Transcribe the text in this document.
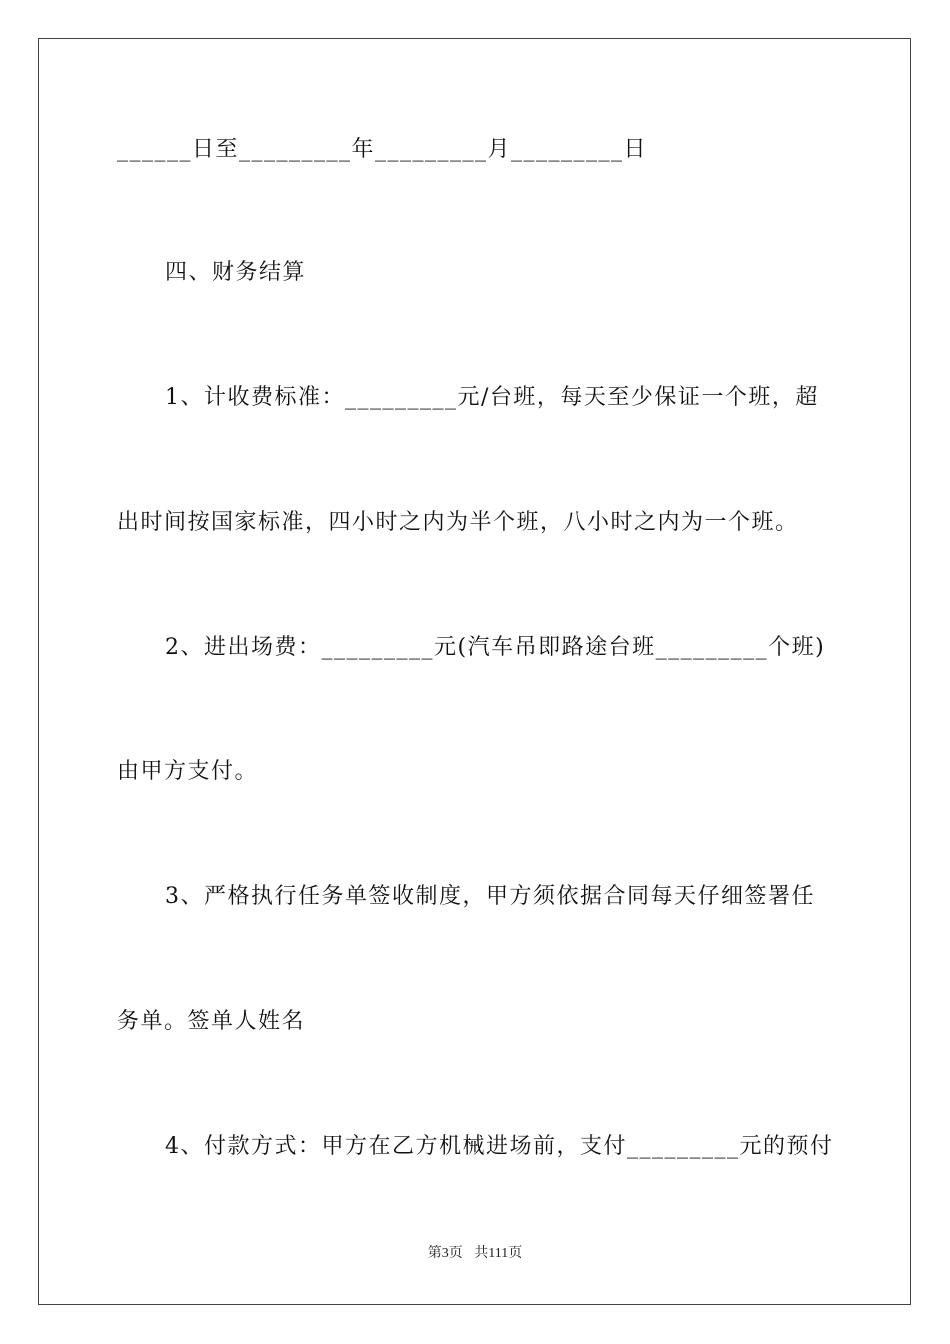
______日至_________年_________月_________日
四、财务结算
1、计收费标准：_________元/台班，每天至少保证一个班，超
出时间按国家标准，四小时之内为半个班，八小时之内为一个班。
2、进出场费：_________元(汽车吊即路途台班_________个班)
由甲方支付。
3、严格执行任务单签收制度，甲方须依据合同每天仔细签署任
务单。签单人姓名
4、付款方式：甲方在乙方机械进场前，支付_________元的预付
第3页 共111页
